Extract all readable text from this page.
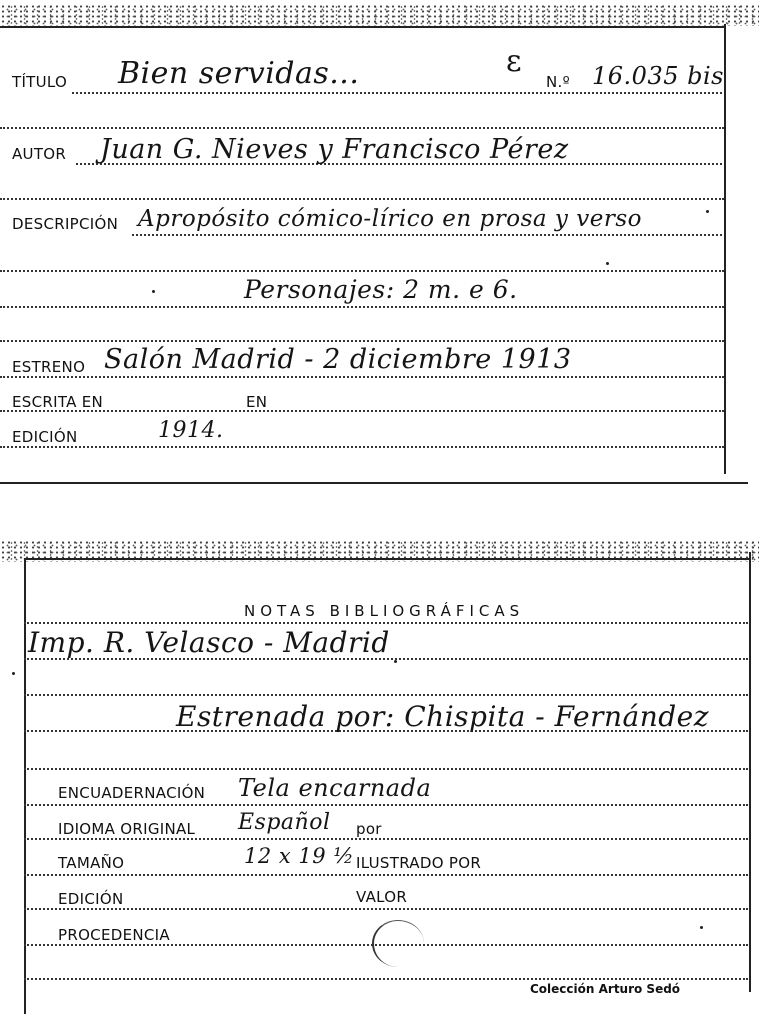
TÍTULO Bien servidas...	ɛ
N.º 16.035 bis
AUTOR Juan G. Nieves y Francisco Pérez
DESCRIPCIÓN Apropósito cómico-lírico en prosa y verso
Personajes: 2 m. e 6.
ESTRENO Salón Madrid - 2 diciembre 1913
ESCRITA EN	EN
EDICIÓN	1914.
NOTAS BIBLIOGRÁFICAS
Imp. R. Velasco - Madrid
Estrenada por: Chispita - Fernández
ENCUADERNACIÓN Tela encarnada
IDIOMA ORIGINAL Español por
TAMAÑO	12 x 19 ½ ILUSTRADO POR
EDICIÓN	VALOR
PROCEDENCIA
Colección Arturo Sedó
